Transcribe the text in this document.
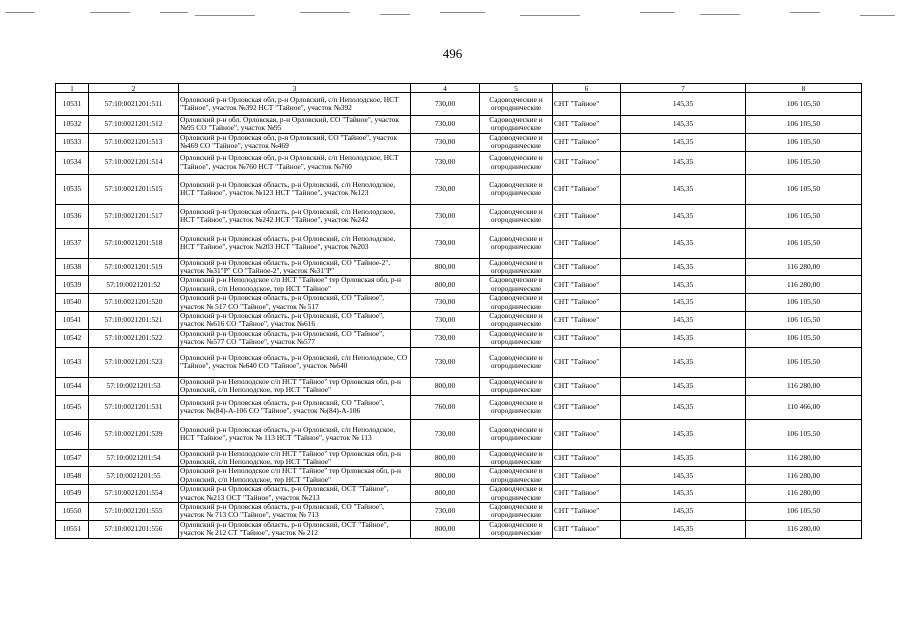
496
1	2	3	4	5	6	7	8
10531	57:10:0021201:511	Орловский р-н Орловская обл, р-н Орловский, с/п Неполодское, НСТ "Тайное", участок №392 НСТ "Тайное", участок №392	730,00	Садоводческие и огороднические	СНТ "Тайное"	145,35	106 105,50
10532	57:10:0021201:512	Орловский р-н обл. Орловская, р-н Орловский, СО "Тайное", участок №95 СО "Тайное", участок №95	730,00	Садоводческие и огороднические	СНТ "Тайное"	145,35	106 105,50
10533	57:10:0021201:513	Орловский р-н Орловская обл, р-н Орловский, СО "Тайное", участок №469 СО "Тайное", участок №469	730,00	Садоводческие и огороднические	СНТ "Тайное"	145,35	106 105,50
10534	57:10:0021201:514	Орловский р-н Орловская обл, р-н Орловский, с/п Неполодское, НСТ "Тайное", участок №760 НСТ "Тайное", участок №760	730,00	Садоводческие и огороднические	СНТ "Тайное"	145,35	106 105,50
10535	57:10:0021201:515	Орловский р-н Орловская область, р-н Орловский, с/п Неполодское, НСТ "Тайное", участок №123 НСТ "Тайное", участок №123	730,00	Садоводческие и огороднические	СНТ "Тайное"	145,35	106 105,50
10536	57:10:0021201:517	Орловский р-н Орловская область, р-н Орловский, с/п Неполодское, НСТ "Тайное", участок №242 НСТ "Тайное", участок №242	730,00	Садоводческие и огороднические	СНТ "Тайное"	145,35	106 105,50
10537	57:10:0021201:518	Орловский р-н Орловская область, р-н Орловский, с/п Неполодское, НСТ "Тайное", участок №203 НСТ "Тайное", участок №203	730,00	Садоводческие и огороднические	СНТ "Тайное"	145,35	106 105,50
10538	57:10:0021201:519	Орловский р-н Орловская область, р-н Орловский, СО "Тайное-2", участок №31"Р" СО "Тайное-2", участок №31"Р"	800,00	Садоводческие и огороднические	СНТ "Тайное"	145,35	116 280,00
10539	57:10:0021201:52	Орловский р-н Неполодское с/п НСТ "Тайное" тер Орловская обл, р-н Орловский, с/п Неполодское, тер НСТ "Тайное"	800,00	Садоводческие и огороднические	СНТ "Тайное"	145,35	116 280,00
10540	57:10:0021201:520	Орловский р-н Орловская область, р-н Орловский, СО "Тайное", участок № 517 СО "Тайное", участок № 517	730,00	Садоводческие и огороднические	СНТ "Тайное"	145,35	106 105,50
10541	57:10:0021201:521	Орловский р-н Орловская область, р-н Орловский, СО "Тайное", участок №616 СО "Тайное", участок №616	730,00	Садоводческие и огороднические	СНТ "Тайное"	145,35	106 105,50
10542	57:10:0021201:522	Орловский р-н Орловская область, р-н Орловский, СО "Тайное", участок №577 СО "Тайное", участок №577	730,00	Садоводческие и огороднические	СНТ "Тайное"	145,35	106 105,50
10543	57:10:0021201:523	Орловский р-н Орловская область, р-н Орловский, с/п Неполодское, СО "Тайное", участок №640 СО "Тайное", участок №640	730,00	Садоводческие и огороднические	СНТ "Тайное"	145,35	106 105,50
10544	57:10:0021201:53	Орловский р-н Неполодское с/п НСТ "Тайное" тер Орловская обл, р-н Орловский, с/п Неполодское, тер НСТ "Тайное"	800,00	Садоводческие и огороднические	СНТ "Тайное"	145,35	116 280,00
10545	57:10:0021201:531	Орловский р-н Орловская область, р-н Орловский, СО "Тайное", участок №(84)-А-106 СО "Тайное", участок №(84)-А-106	760,00	Садоводческие и огороднические	СНТ "Тайное"	145,35	110 466,00
10546	57:10:0021201:539	Орловский р-н Орловская область, р-н Орловский, с/п Неполодское, НСТ "Тайное", участок № 113 НСТ "Тайное", участок № 113	730,00	Садоводческие и огороднические	СНТ "Тайное"	145,35	106 105,50
10547	57:10:0021201:54	Орловский р-н Неполодское с/п НСТ "Тайное" тер Орловская обл, р-н Орловский, с/п Неполодское, тер НСТ "Тайное"	800,00	Садоводческие и огороднические	СНТ "Тайное"	145,35	116 280,00
10548	57:10:0021201:55	Орловский р-н Неполодское с/п НСТ "Тайное" тер Орловская обл, р-н Орловский, с/п Неполодское, тер НСТ "Тайное"	800,00	Садоводческие и огороднические	СНТ "Тайное"	145,35	116 280,00
10549	57:10:0021201:554	Орловский р-н Орловская область, р-н Орловский, ОСТ "Тайное", участок №213 ОСТ "Тайное", участок №213	800,00	Садоводческие и огороднические	СНТ "Тайное"	145,35	116 280,00
10550	57:10:0021201:555	Орловский р-н Орловская область, р-н Орловский, СО "Тайное", участок № 713 СО "Тайное", участок № 713	730,00	Садоводческие и огороднические	СНТ "Тайное"	145,35	106 105,50
10551	57:10:0021201:556	Орловский р-н Орловская область, р-н Орловский, ОСТ "Тайное", участок № 212 СТ "Тайное", участок № 212	800,00	Садоводческие и огороднические	СНТ "Тайное"	145,35	116 280,00
